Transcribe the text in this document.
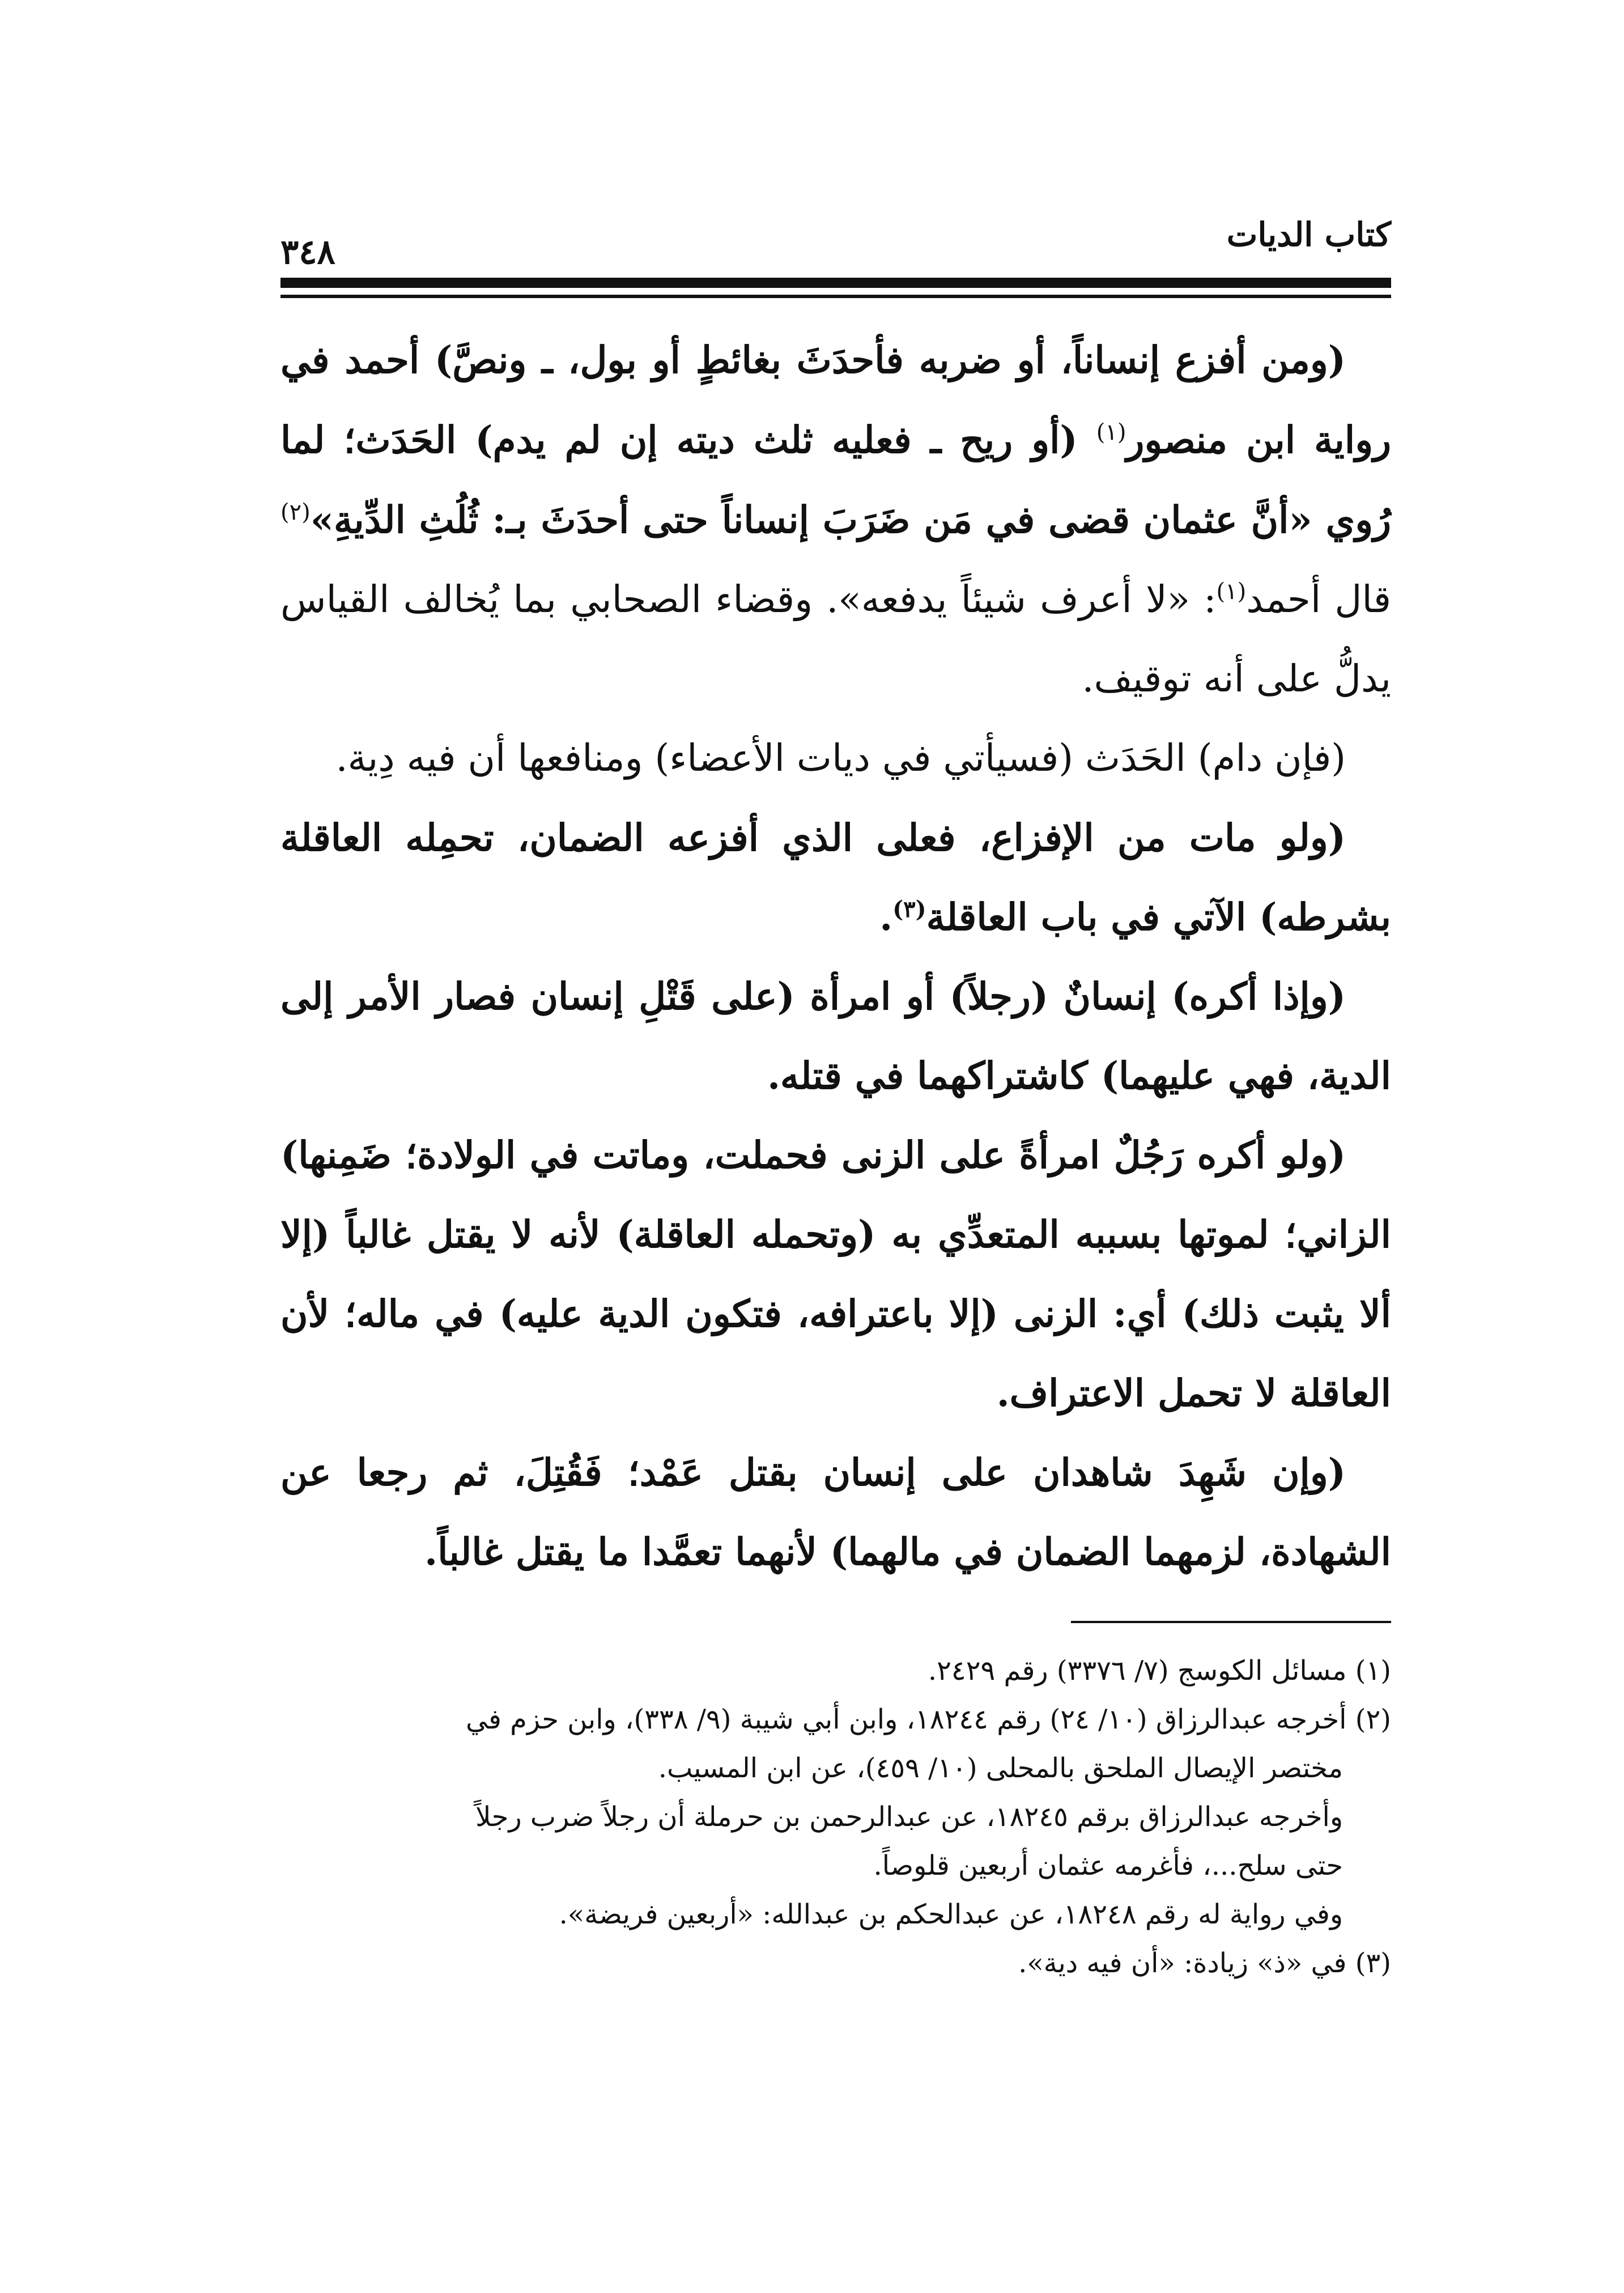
كتاب الديات
٣٤٨

(ومن أفزع إنساناً، أو ضربه فأحدَثَ بغائطٍ أو بول، ـ ونصَّ) أحمد في رواية ابن منصور$^{(١)}$ (أو ريح ـ فعليه ثلث ديته إن لم يدم) الحَدَث؛ لما رُوي «أنَّ عثمان قضى في مَن ضَرَبَ إنساناً حتى أحدَثَ بـ: ثُلُثِ الدِّيةِ»$^{(٢)}$ قال أحمد$^{(١)}$: «لا أعرف شيئاً يدفعه». وقضاء الصحابي بما يُخالف القياس يدلُّ على أنه توقيف.

(فإن دام) الحَدَث (فسيأتي في ديات الأعضاء) ومنافعها أن فيه دِية.

(ولو مات من الإفزاع، فعلى الذي أفزعه الضمان، تحمِله العاقلة بشرطه) الآتي في باب العاقلة$^{(٣)}$.

(وإذا أكره) إنسانٌ (رجلاً) أو امرأة (على قَتْلِ إنسان فصار الأمر إلى الدية، فهي عليهما) كاشتراكهما في قتله.

(ولو أكره رَجُلٌ امرأةً على الزنى فحملت، وماتت في الولادة؛ ضَمِنها) الزاني؛ لموتها بسببه المتعدِّي به (وتحمله العاقلة) لأنه لا يقتل غالباً (إلا ألا يثبت ذلك) أي: الزنى (إلا باعترافه، فتكون الدية عليه) في ماله؛ لأن العاقلة لا تحمل الاعتراف.

(وإن شَهِدَ شاهدان على إنسان بقتل عَمْد؛ فَقُتِلَ، ثم رجعا عن الشهادة، لزمهما الضمان في مالهما) لأنهما تعمَّدا ما يقتل غالباً.

(١) مسائل الكوسج (٧/ ٣٣٧٦) رقم ٢٤٢٩.

(٢) أخرجه عبدالرزاق (١٠/ ٢٤) رقم ١٨٢٤٤، وابن أبي شيبة (٩/ ٣٣٨)، وابن حزم في

مختصر الإيصال الملحق بالمحلى (١٠/ ٤٥٩)، عن ابن المسيب.

وأخرجه عبدالرزاق برقم ١٨٢٤٥، عن عبدالرحمن بن حرملة أن رجلاً ضرب رجلاً

حتى سلح...، فأغرمه عثمان أربعين قلوصاً.

وفي رواية له رقم ١٨٢٤٨، عن عبدالحكم بن عبدالله: «أربعين فريضة».

(٣) في «ذ» زيادة: «أن فيه دية».
